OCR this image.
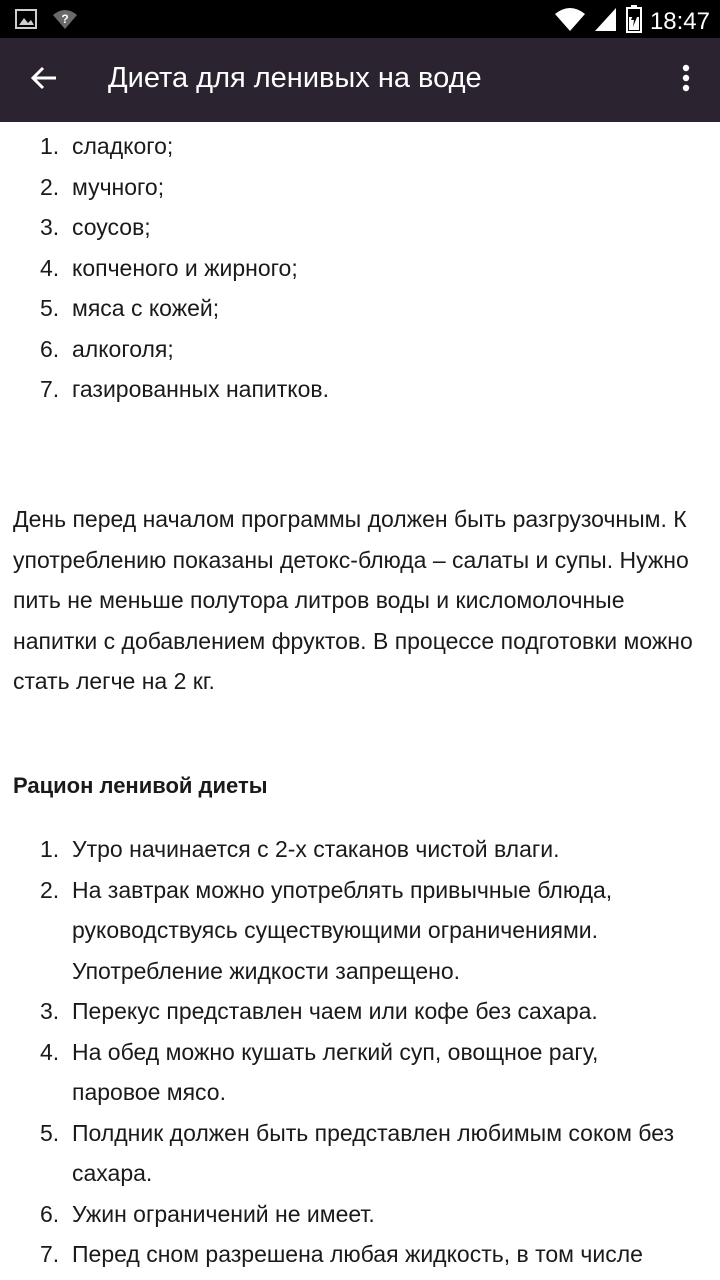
?	18:47
Диета для ленивых на воде
1. сладкого;
2. мучного;
3. соусов;
4. копченого и жирного;
5. мяса с кожей;
6. алкоголя;
7. газированных напитков.
День перед началом программы должен быть разгрузочным. К употреблению показаны детокс-блюда – салаты и супы. Нужно пить не меньше полутора литров воды и кисломолочные напитки с добавлением фруктов. В процессе подготовки можно стать легче на 2 кг.
Рацион ленивой диеты
1. Утро начинается с 2-х стаканов чистой влаги.
2. На завтрак можно употреблять привычные блюда, руководствуясь существующими ограничениями. Употребление жидкости запрещено.
3. Перекус представлен чаем или кофе без сахара.
4. На обед можно кушать легкий суп, овощное рагу, паровое мясо.
5. Полдник должен быть представлен любимым соком без сахара.
6. Ужин ограничений не имеет.
7. Перед сном разрешена любая жидкость, в том числе
